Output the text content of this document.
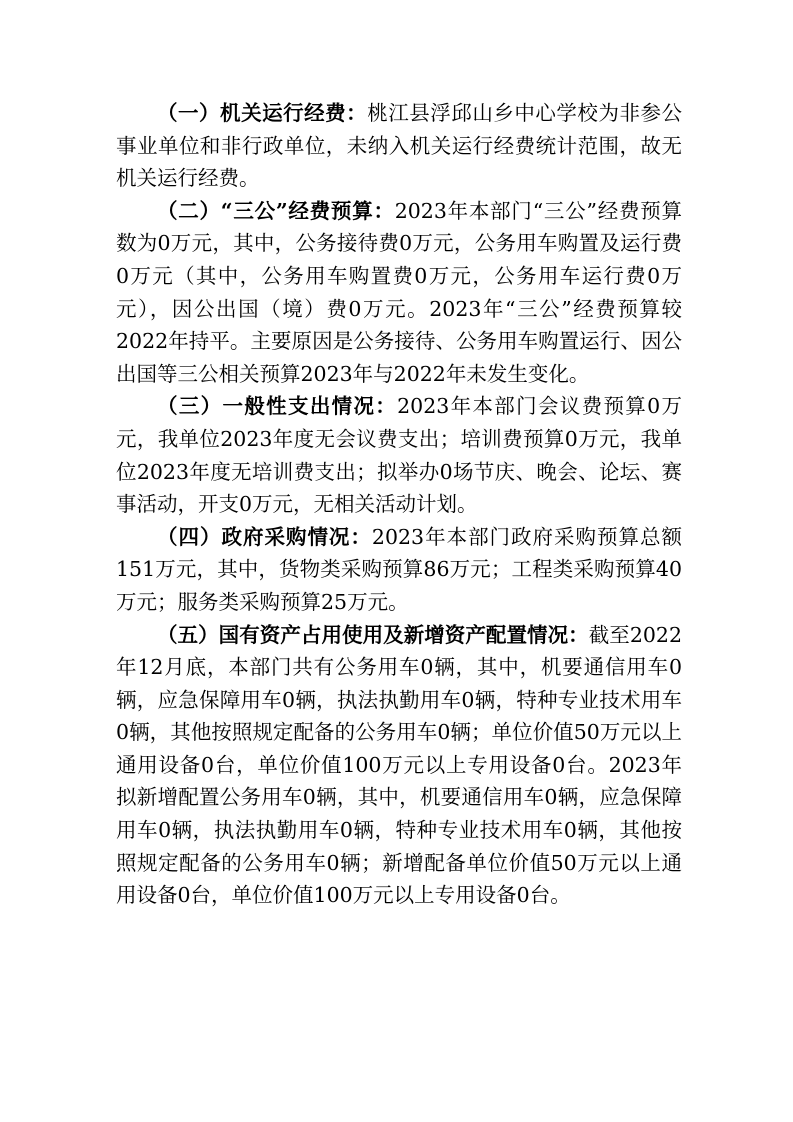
（一）机关运行经费：桃江县浮邱山乡中心学校为非参公事业单位和非行政单位，未纳入机关运行经费统计范围，故无机关运行经费。

（二）“三公”经费预算：2023年本部门“三公”经费预算数为0万元，其中，公务接待费0万元，公务用车购置及运行费0万元（其中，公务用车购置费0万元，公务用车运行费0万元），因公出国（境）费0万元。2023年“三公”经费预算较2022年持平。主要原因是公务接待、公务用车购置运行、因公出国等三公相关预算2023年与2022年未发生变化。

（三）一般性支出情况：2023年本部门会议费预算0万元，我单位2023年度无会议费支出；培训费预算0万元，我单位2023年度无培训费支出；拟举办0场节庆、晚会、论坛、赛事活动，开支0万元，无相关活动计划。

（四）政府采购情况：2023年本部门政府采购预算总额151万元，其中，货物类采购预算86万元；工程类采购预算40万元；服务类采购预算25万元。

（五）国有资产占用使用及新增资产配置情况：截至2022年12月底，本部门共有公务用车0辆，其中，机要通信用车0辆，应急保障用车0辆，执法执勤用车0辆，特种专业技术用车0辆，其他按照规定配备的公务用车0辆；单位价值50万元以上通用设备0台，单位价值100万元以上专用设备0台。2023年拟新增配置公务用车0辆，其中，机要通信用车0辆，应急保障用车0辆，执法执勤用车0辆，特种专业技术用车0辆，其他按照规定配备的公务用车0辆；新增配备单位价值50万元以上通用设备0台，单位价值100万元以上专用设备0台。
